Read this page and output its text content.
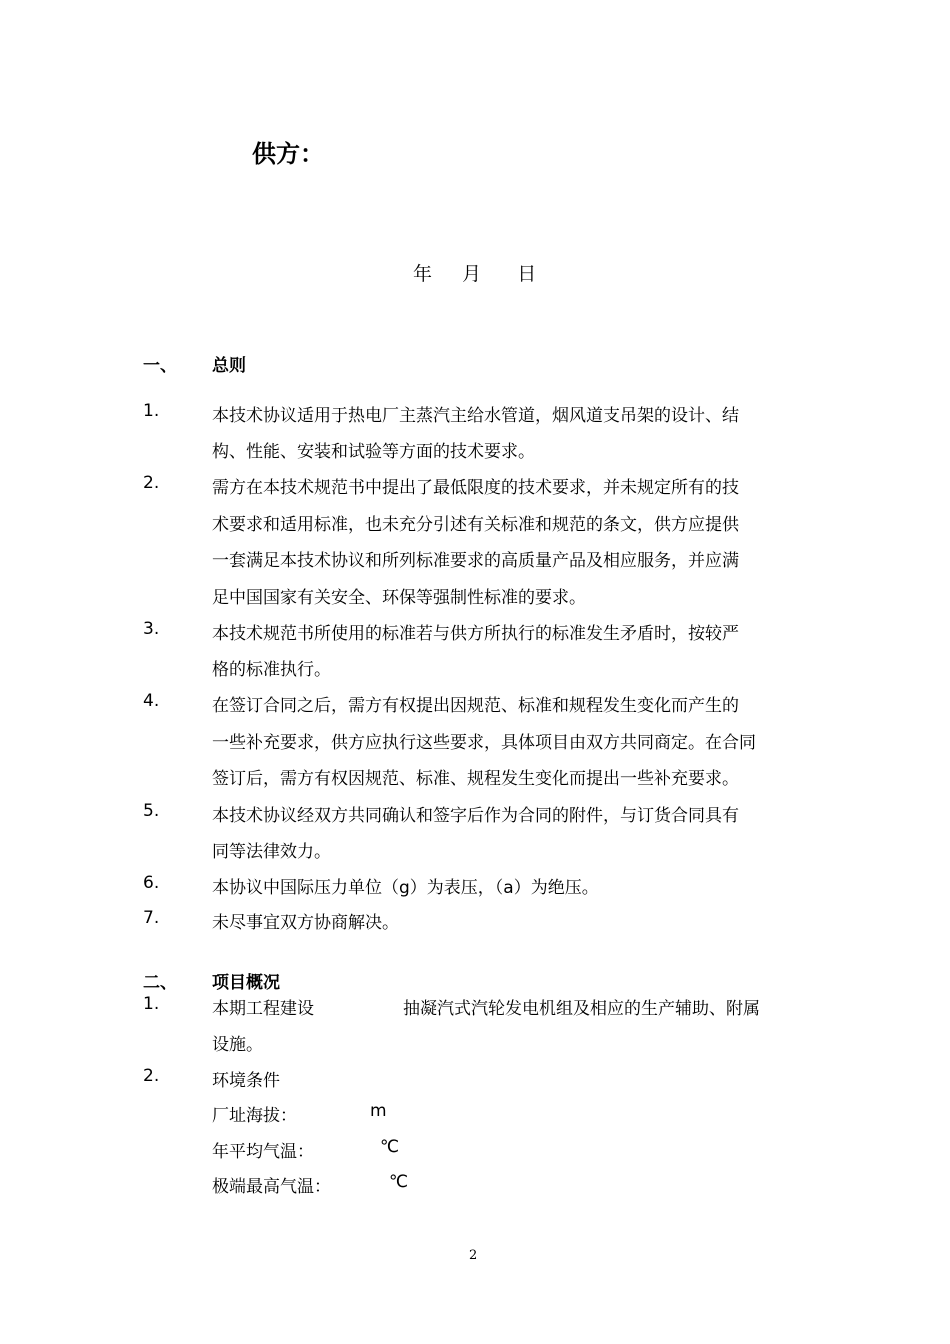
供方：
年 月 日
一、 总则
1.	本技术协议适用于热电厂主蒸汽主给水管道，烟风道支吊架的设计、结
构、性能、安装和试验等方面的技术要求。
2.	需方在本技术规范书中提出了最低限度的技术要求，并未规定所有的技
术要求和适用标准，也未充分引述有关标准和规范的条文，供方应提供
一套满足本技术协议和所列标准要求的高质量产品及相应服务，并应满
足中国国家有关安全、环保等强制性标准的要求。
3.	本技术规范书所使用的标准若与供方所执行的标准发生矛盾时，按较严
格的标准执行。
4.	在签订合同之后，需方有权提出因规范、标准和规程发生变化而产生的
一些补充要求，供方应执行这些要求，具体项目由双方共同商定。在合同
签订后，需方有权因规范、标准、规程发生变化而提出一些补充要求。
5.	本技术协议经双方共同确认和签字后作为合同的附件，与订货合同具有
同等法律效力。
6.	本协议中国际压力单位（g）为表压，（a）为绝压。
7.	未尽事宜双方协商解决。
二、 项目概况
1.	本期工程建设	抽凝汽式汽轮发电机组及相应的生产辅助、附属
设施。
2.	环境条件
厂址海拔：	m
年平均气温：	℃
极端最高气温：	℃
2
